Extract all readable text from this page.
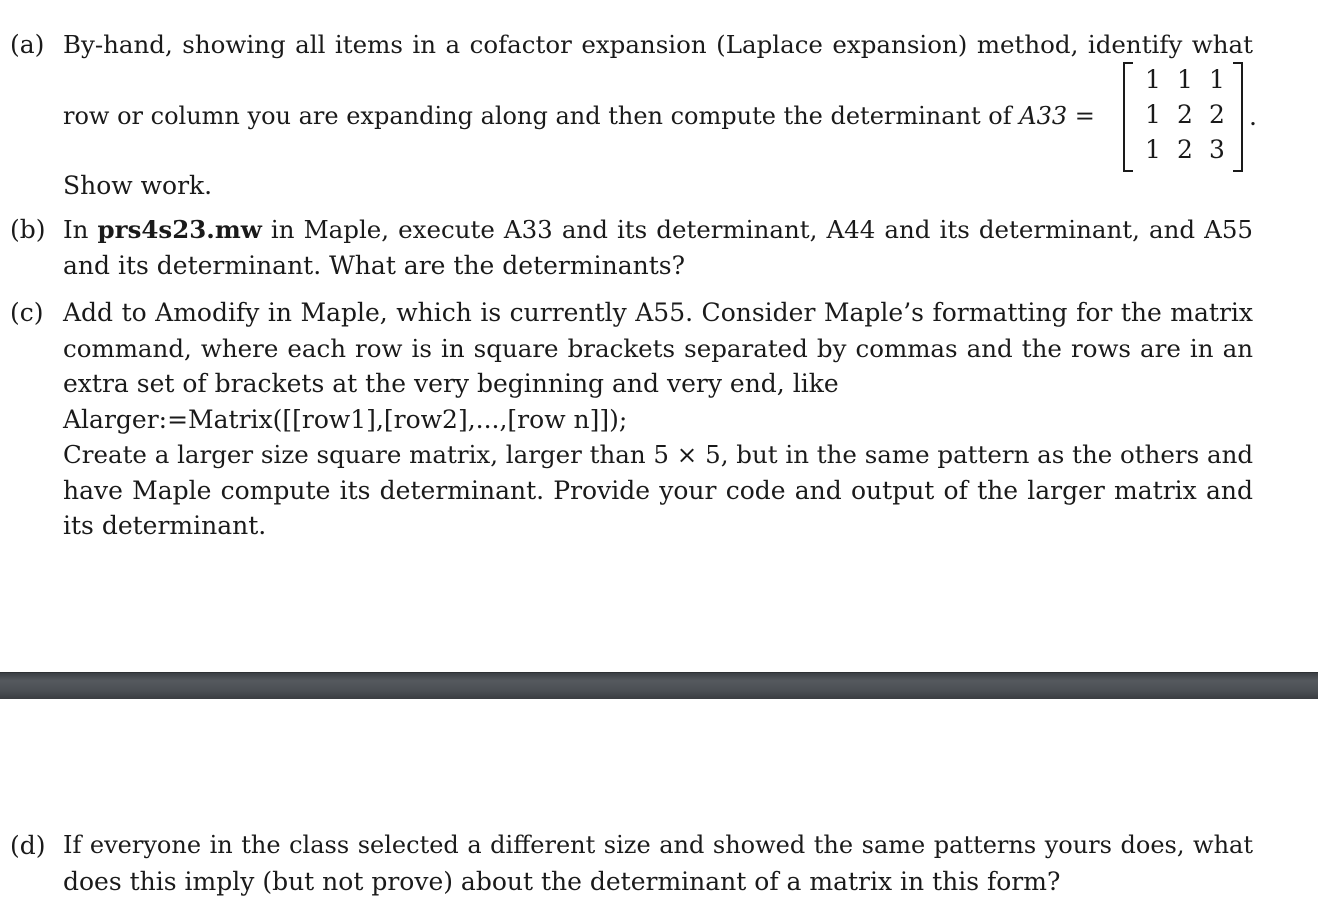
(a) By-hand, showing all items in a cofactor expansion (Laplace expansion) method, identify what
row or column you are expanding along and then compute the determinant of A33 =
1 1 1
1 2 2
1 2 3
.
Show work.
(b) In prs4s23.mw in Maple, execute A33 and its determinant, A44 and its determinant, and A55
and its determinant. What are the determinants?
(c) Add to Amodify in Maple, which is currently A55. Consider Maple’s formatting for the matrix
command, where each row is in square brackets separated by commas and the rows are in an
extra set of brackets at the very beginning and very end, like
Alarger:=Matrix([[row1],[row2],...,[row n]]);
Create a larger size square matrix, larger than 5 × 5, but in the same pattern as the others and
have Maple compute its determinant. Provide your code and output of the larger matrix and
its determinant.
(d) If everyone in the class selected a different size and showed the same patterns yours does, what
does this imply (but not prove) about the determinant of a matrix in this form?
